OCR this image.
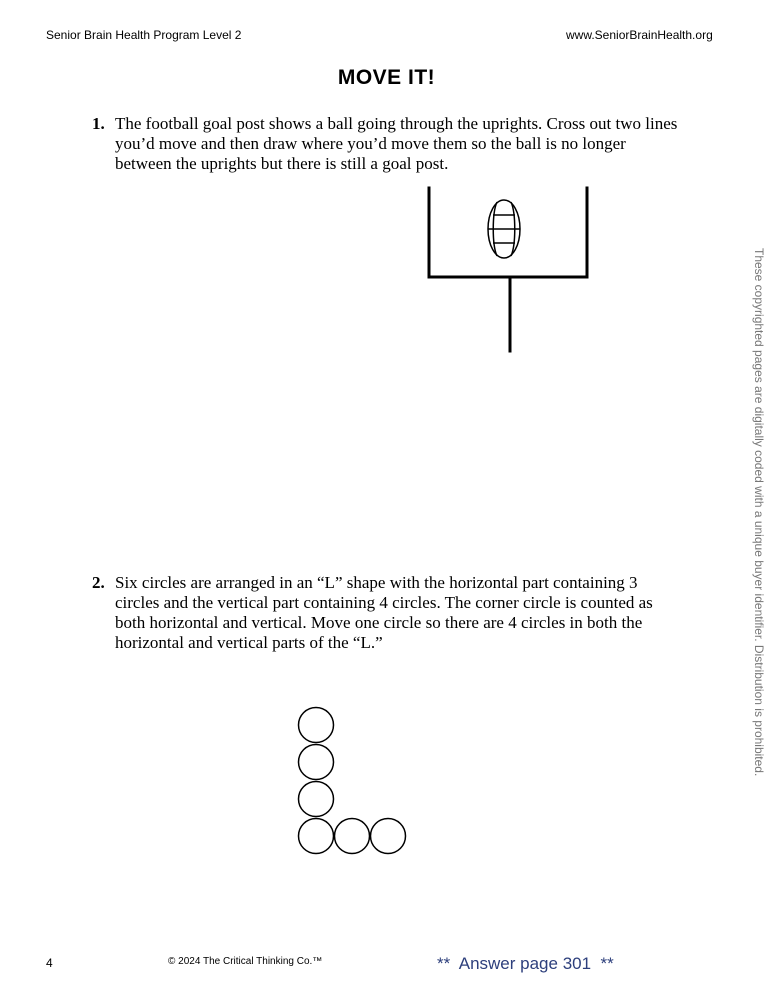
Senior Brain Health Program Level 2	www.SeniorBrainHealth.org
MOVE IT!
1. The football goal post shows a ball going through the uprights. Cross out two lines you’d move and then draw where you’d move them so the ball is no longer between the uprights but there is still a goal post.
2. Six circles are arranged in an “L” shape with the horizontal part containing 3 circles and the vertical part containing 4 circles. The corner circle is counted as both horizontal and vertical. Move one circle so there are 4 circles in both the horizontal and vertical parts of the “L.”	These copyrighted pages are digitally coded with a unique buyer identifier. Distribution is prohibited.
4	© 2024 The Critical Thinking Co.™	**  Answer page 301  **
